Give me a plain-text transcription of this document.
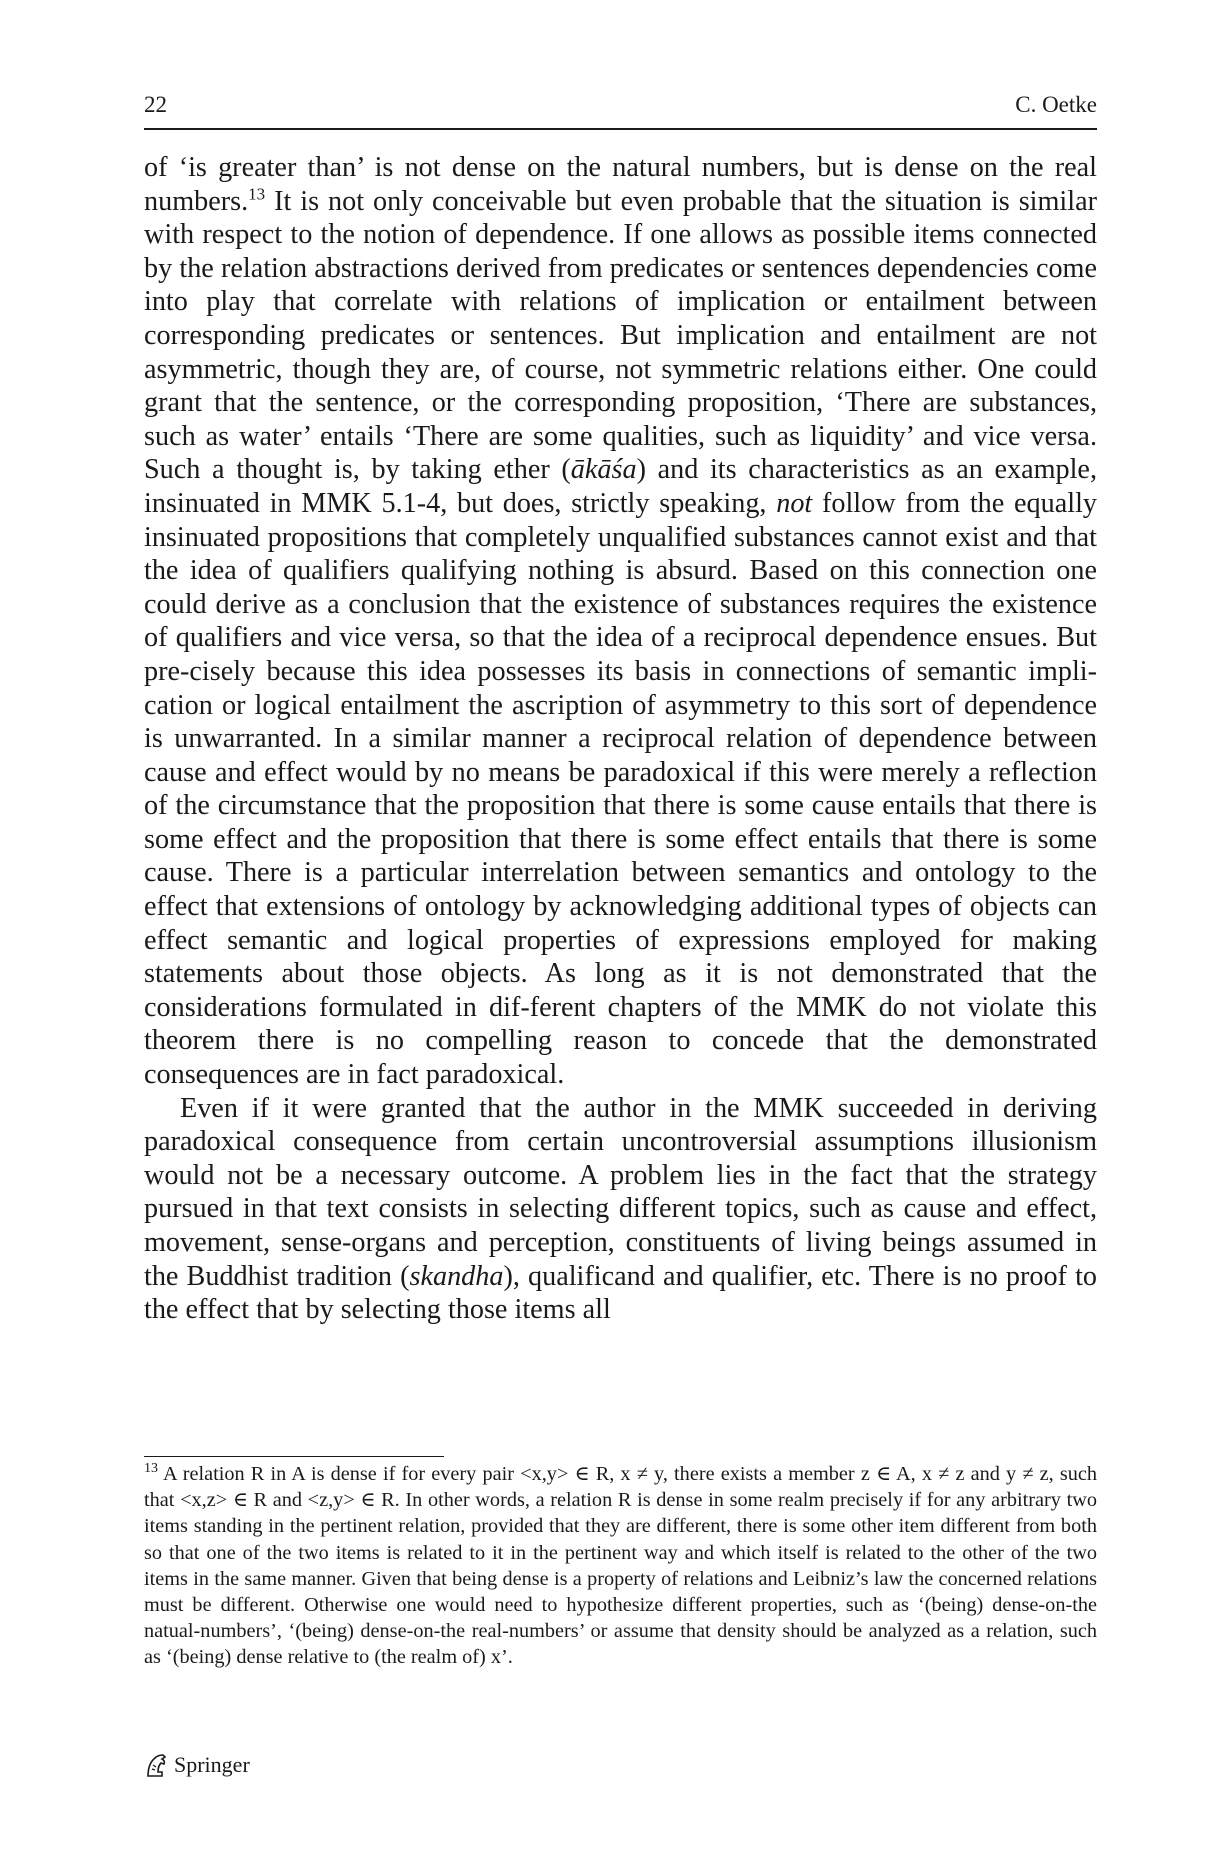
22	C. Oetke

of ‘is greater than’ is not dense on the natural numbers, but is dense on the real numbers.$^{13}$ It is not only conceivable but even probable that the situation is similar with respect to the notion of dependence. If one allows as possible items connected by the relation abstractions derived from predicates or sentences dependencies come into play that correlate with relations of implication or entailment between corresponding predicates or sentences. But implication and entailment are not asymmetric, though they are, of course, not symmetric relations either. One could grant that the sentence, or the corresponding proposition, ‘There are substances, such as water’ entails ‘There are some qualities, such as liquidity’ and vice versa. Such a thought is, by taking ether (ākāśa) and its characteristics as an example, insinuated in MMK 5.1-4, but does, strictly speaking, not follow from the equally insinuated propositions that completely unqualified substances cannot exist and that the idea of qualifiers qualifying nothing is absurd. Based on this connection one could derive as a conclusion that the existence of substances requires the existence of qualifiers and vice versa, so that the idea of a reciprocal dependence ensues. But pre-cisely because this idea possesses its basis in connections of semantic impli-cation or logical entailment the ascription of asymmetry to this sort of dependence is unwarranted. In a similar manner a reciprocal relation of dependence between cause and effect would by no means be paradoxical if this were merely a reflection of the circumstance that the proposition that there is some cause entails that there is some effect and the proposition that there is some effect entails that there is some cause. There is a particular interrelation between semantics and ontology to the effect that extensions of ontology by acknowledging additional types of objects can effect semantic and logical properties of expressions employed for making statements about those objects. As long as it is not demonstrated that the considerations formulated in dif-ferent chapters of the MMK do not violate this theorem there is no compelling reason to concede that the demonstrated consequences are in fact paradoxical.

Even if it were granted that the author in the MMK succeeded in deriving paradoxical consequence from certain uncontroversial assumptions illusionism would not be a necessary outcome. A problem lies in the fact that the strategy pursued in that text consists in selecting different topics, such as cause and effect, movement, sense-organs and perception, constituents of living beings assumed in the Buddhist tradition (skandha), qualificand and qualifier, etc. There is no proof to the effect that by selecting those items all

$^{13}$ A relation R in A is dense if for every pair <x,y> ∈ R, x ≠ y, there exists a member z ∈ A, x ≠ z and y ≠ z, such that <x,z> ∈ R and <z,y> ∈ R. In other words, a relation R is dense in some realm precisely if for any arbitrary two items standing in the pertinent relation, provided that they are different, there is some other item different from both so that one of the two items is related to it in the pertinent way and which itself is related to the other of the two items in the same manner. Given that being dense is a property of relations and Leibniz’s law the concerned relations must be different. Otherwise one would need to hypothesize different properties, such as ‘(being) dense-on-the natual-numbers’, ‘(being) dense-on-the real-numbers’ or assume that density should be analyzed as a relation, such as ‘(being) dense relative to (the realm of) x’.
Springer
